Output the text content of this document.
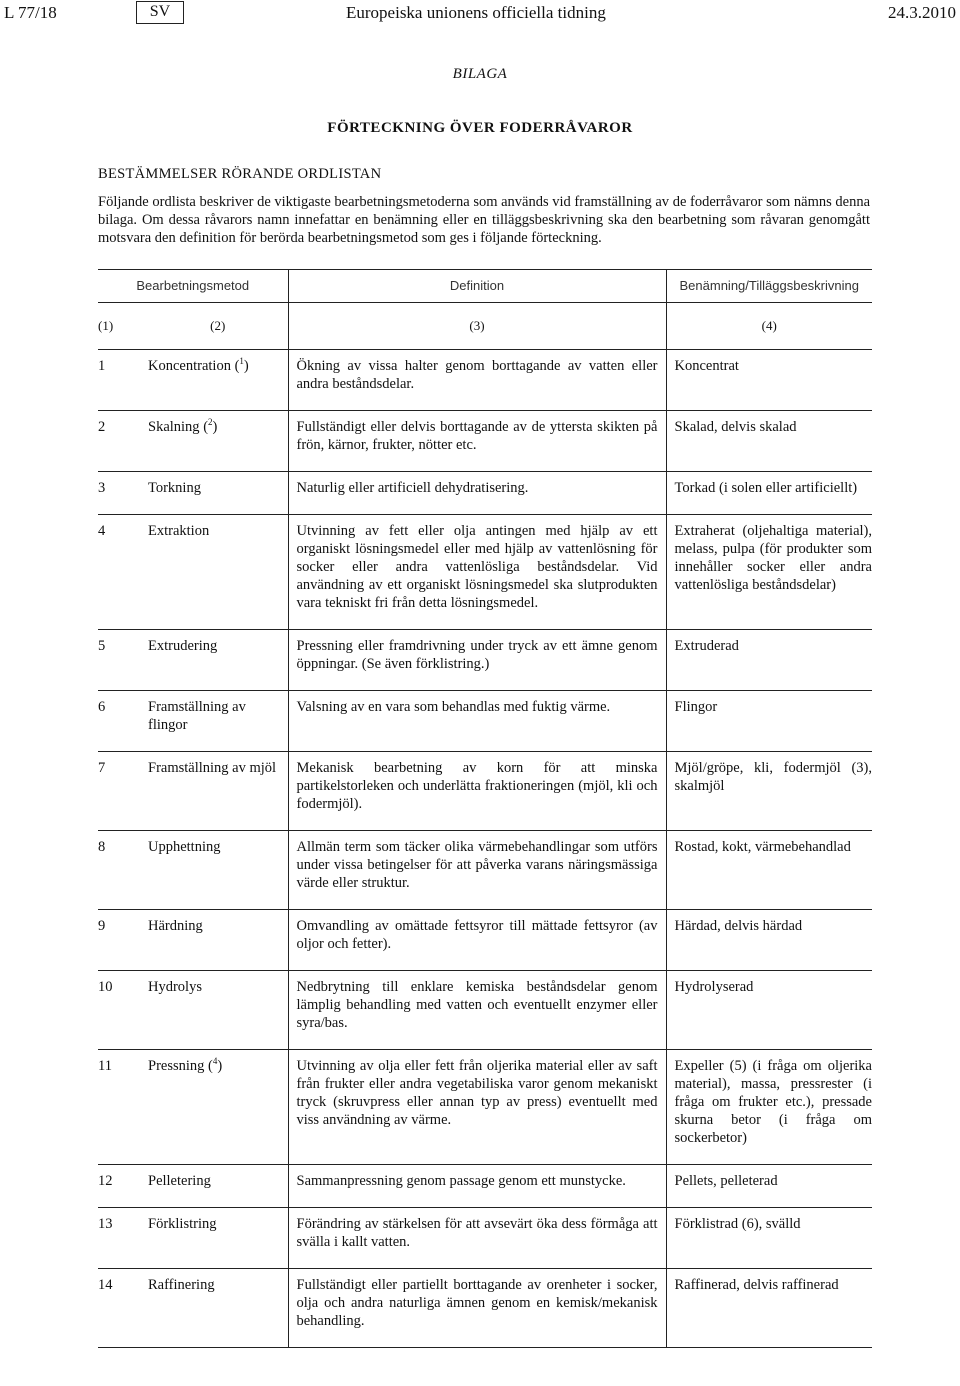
L 77/18	SV	Europeiska unionens officiella tidning	24.3.2010
BILAGA
FÖRTECKNING ÖVER FODERRÅVAROR
BESTÄMMELSER RÖRANDE ORDLISTAN
Följande ordlista beskriver de viktigaste bearbetningsmetoderna som används vid framställning av de foderråvaror som nämns denna bilaga. Om dessa råvarors namn innefattar en benämning eller en tilläggsbeskrivning ska den bearbetning som råvaran genomgått motsvara den definition för berörda bearbetningsmetod som ges i följande förteckning.
Bearbetningsmetod		Definition	Benämning/Tilläggsbeskrivning
(1)	(2)	(3)	(4)
1	Koncentration ($^1$)	Ökning av vissa halter genom borttagande av vatten eller andra beståndsdelar.	Koncentrat
2	Skalning ($^2$)	Fullständigt eller delvis borttagande av de yttersta skikten på frön, kärnor, frukter, nötter etc.	Skalad, delvis skalad
3	Torkning	Naturlig eller artificiell dehydratisering.	Torkad (i solen eller artificiellt)
4	Extraktion	Utvinning av fett eller olja antingen med hjälp av ett organiskt lösningsmedel eller med hjälp av vattenlösning för socker eller andra vattenlösliga beståndsdelar. Vid användning av ett organiskt lösningsmedel ska slutprodukten vara tekniskt fri från detta lösningsmedel.	Extraherat (oljehaltiga material), melass, pulpa (för produkter som innehåller socker eller andra vattenlösliga beståndsdelar)
5	Extrudering	Pressning eller framdrivning under tryck av ett ämne genom öppningar. (Se även förklistring.)	Extruderad
6	Framställning av flingor	Valsning av en vara som behandlas med fuktig värme.	Flingor
7	Framställning av mjöl	Mekanisk bearbetning av korn för att minska partikelstorleken och underlätta fraktioneringen (mjöl, kli och fodermjöl).	Mjöl/gröpe, kli, fodermjöl (3), skalmjöl
8	Upphettning	Allmän term som täcker olika värmebehandlingar som utförs under vissa betingelser för att påverka varans näringsmässiga värde eller struktur.	Rostad, kokt, värmebehandlad
9	Härdning	Omvandling av omättade fettsyror till mättade fettsyror (av oljor och fetter).	Härdad, delvis härdad
10	Hydrolys	Nedbrytning till enklare kemiska beståndsdelar genom lämplig behandling med vatten och eventuellt enzymer eller syra/bas.	Hydrolyserad
11	Pressning ($^4$)	Utvinning av olja eller fett från oljerika material eller av saft från frukter eller andra vegetabiliska varor genom mekaniskt tryck (skruvpress eller annan typ av press) eventuellt med viss användning av värme.	Expeller (5) (i fråga om oljerika material), massa, pressrester (i fråga om frukter etc.), pressade skurna betor (i fråga om sockerbetor)
12	Pelletering	Sammanpressning genom passage genom ett munstycke.	Pellets, pelleterad
13	Förklistring	Förändring av stärkelsen för att avsevärt öka dess förmåga att svälla i kallt vatten.	Förklistrad (6), svälld
14	Raffinering	Fullständigt eller partiellt borttagande av orenheter i socker, olja och andra naturliga ämnen genom en kemisk/mekanisk behandling.	Raffinerad, delvis raffinerad
